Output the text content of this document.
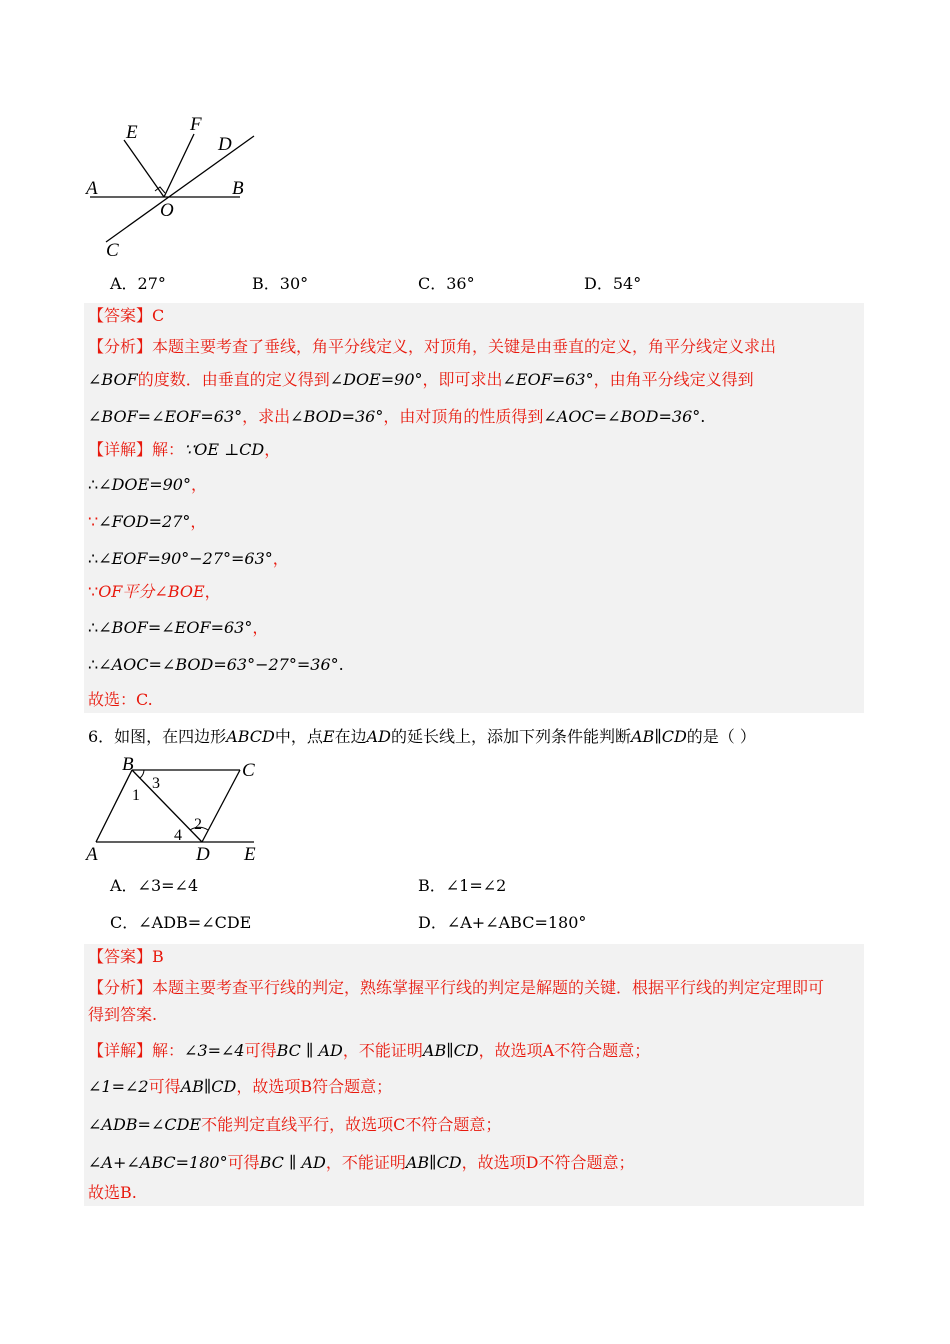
E	F
D
A	B
O
C
A．27°	B．30°	C．36°	D．54°
【答案】C
【分析】本题主要考查了垂线，角平分线定义，对顶角，关键是由垂直的定义，角平分线定义求出
∠BOF的度数．由垂直的定义得到∠DOE=90°，即可求出∠EOF=63°，由角平分线定义得到
∠BOF=∠EOF=63°，求出∠BOD=36°，由对顶角的性质得到∠AOC=∠BOD=36°.
【详解】解：∵OE ⊥CD，
∴∠DOE=90°，
∵∠FOD=27°，
∴∠EOF=90°−27°=63°，
∵OF平分∠BOE，
∴∠BOF=∠EOF=63°，
∴∠AOC=∠BOD=63°−27°=36°.
故选：C.
6．如图，在四边形ABCD中，点E在边AD的延长线上，添加下列条件能判断AB∥CD的是（ ）
B	C
A	D E
1
2
3
4
A．∠3=∠4	B．∠1=∠2
C．∠ADB=∠CDE	D．∠A+∠ABC=180°
【答案】B
【分析】本题主要考查平行线的判定，熟练掌握平行线的判定是解题的关键．根据平行线的判定定理即可
得到答案.
【详解】解：∠3=∠4可得BC ∥ AD，不能证明AB∥CD，故选项A不符合题意；
∠1=∠2可得AB∥CD，故选项B符合题意；
∠ADB=∠CDE不能判定直线平行，故选项C不符合题意；
∠A+∠ABC=180°可得BC ∥ AD，不能证明AB∥CD，故选项D不符合题意；
故选B.
